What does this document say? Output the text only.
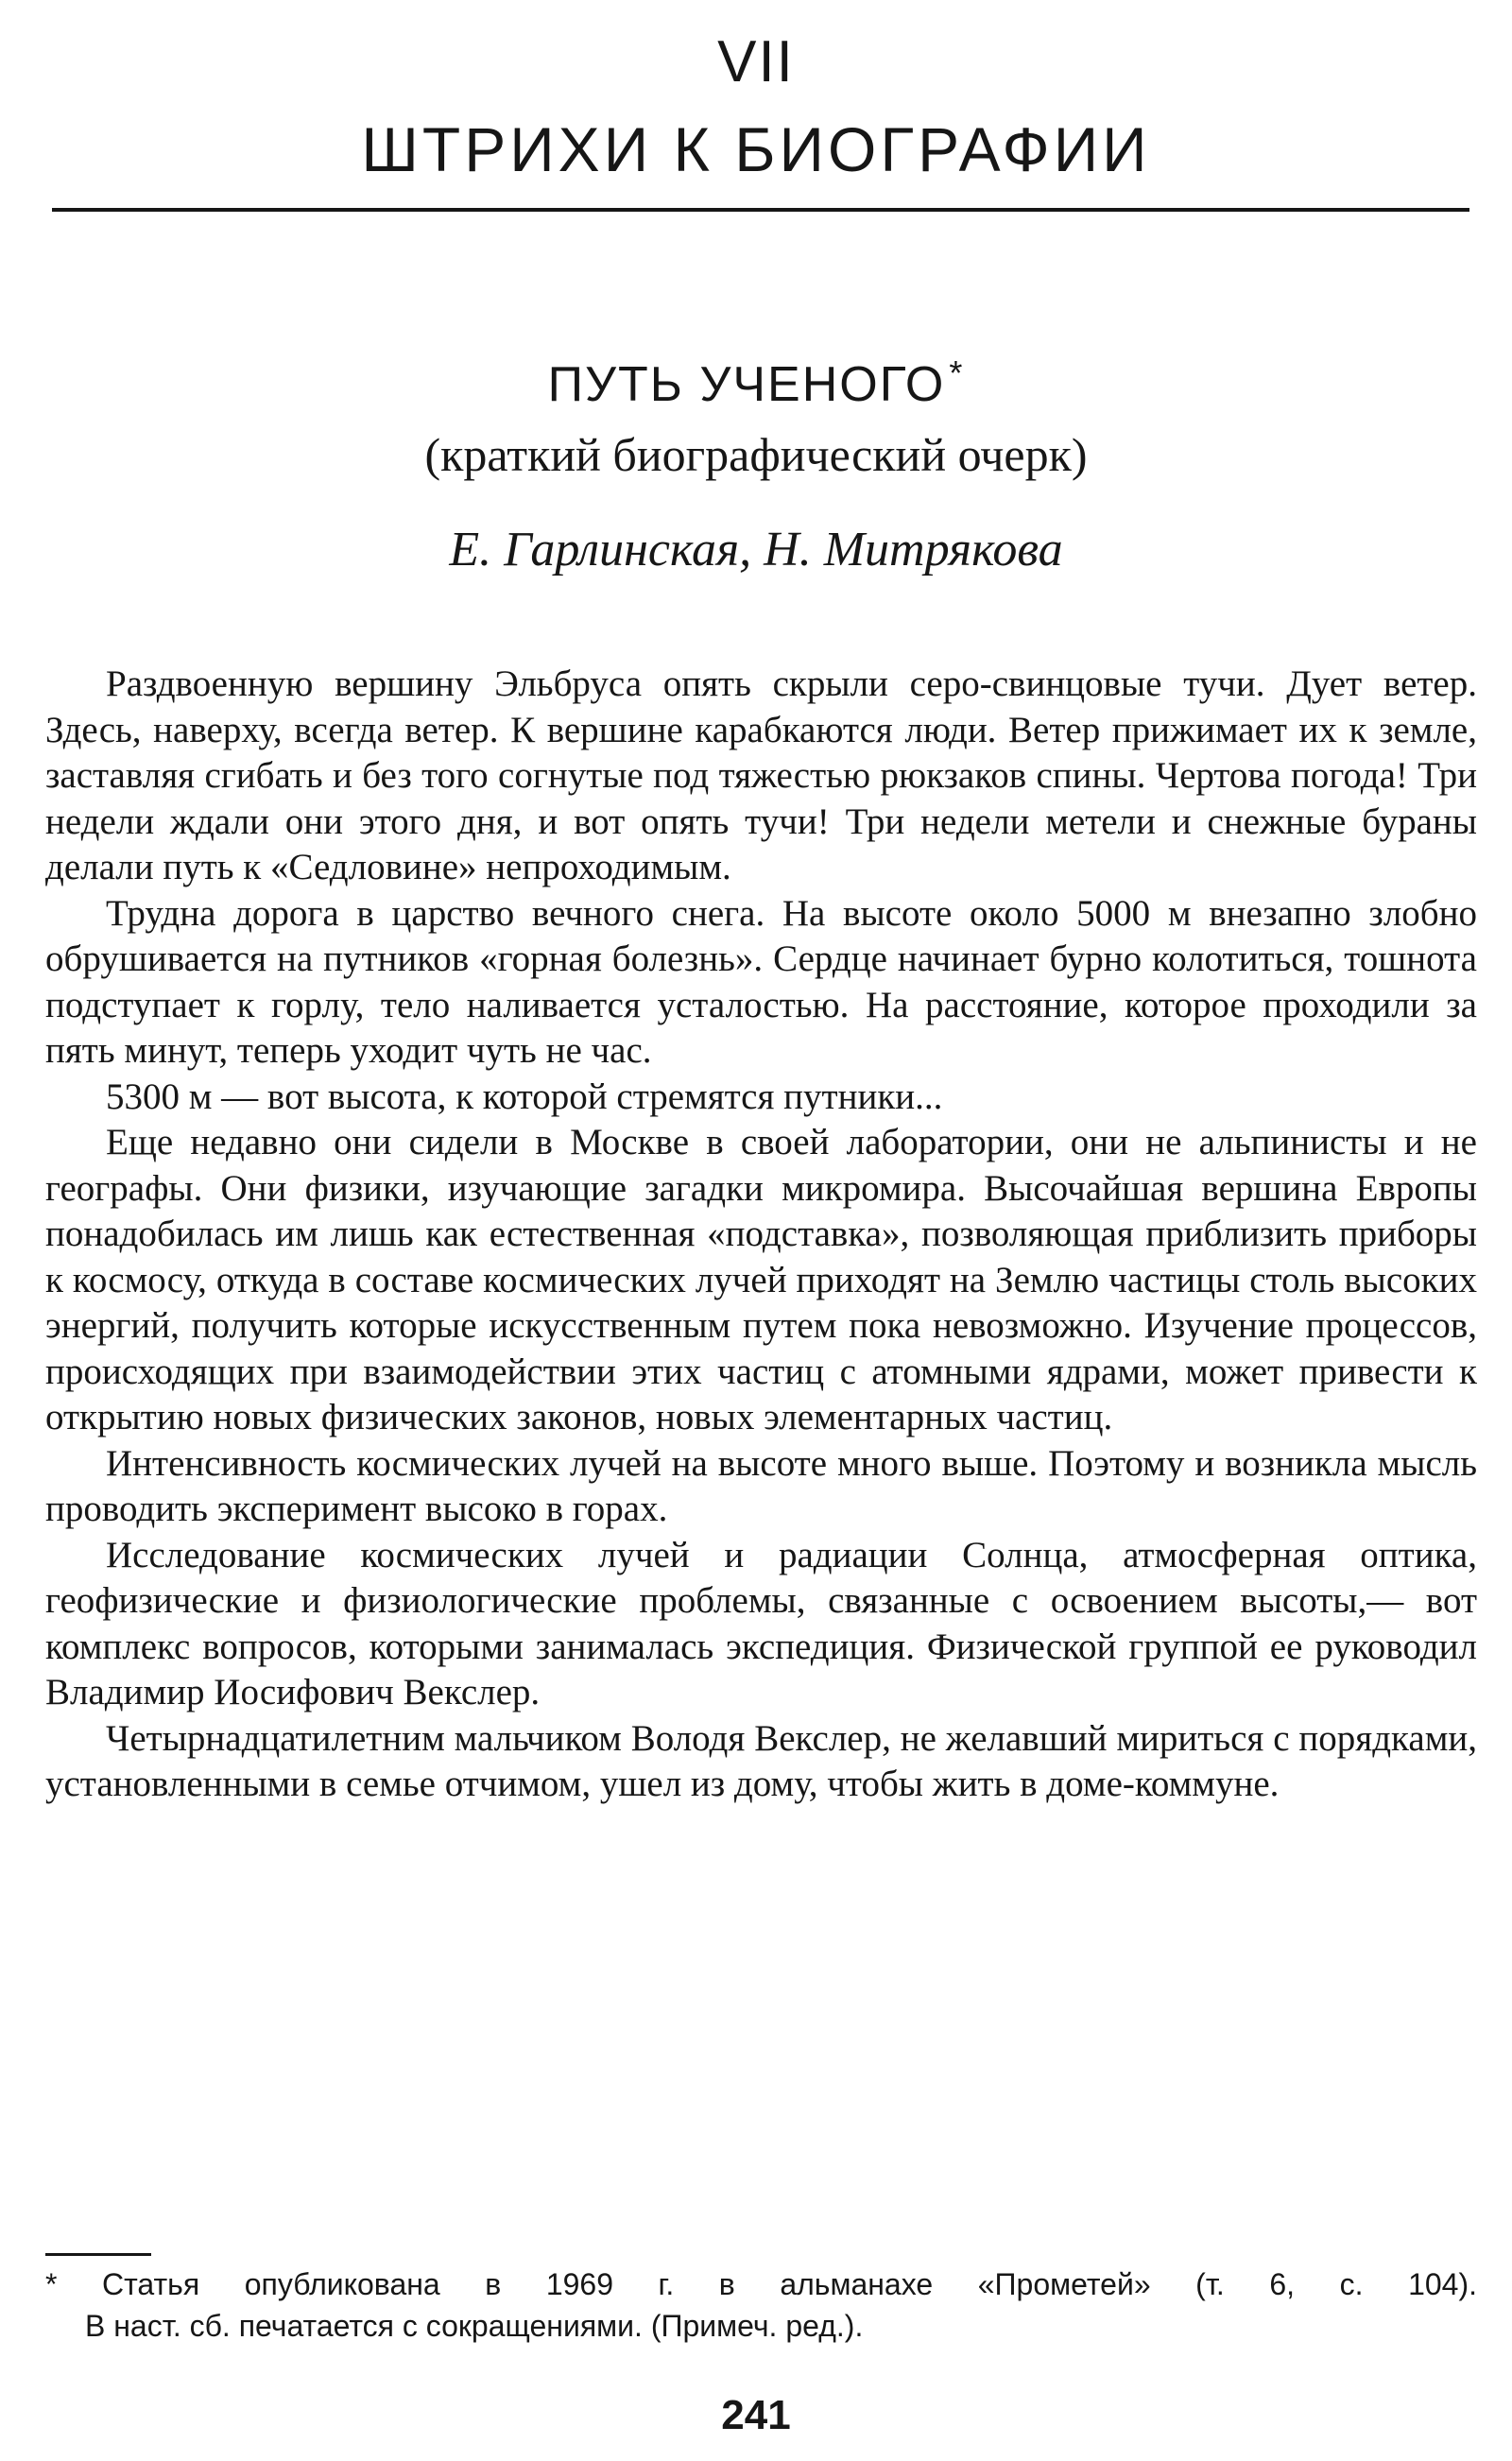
VII
ШТРИХИ К БИОГРАФИИ
ПУТЬ УЧЕНОГО *
(краткий биографический очерк)
Е. Гарлинская, Н. Митрякова

Раздвоенную вершину Эльбруса опять скрыли серо-свинцовые тучи. Дует ветер. Здесь, наверху, всегда ветер. К вершине карабкаются люди. Ветер прижимает их к земле, заставляя сгибать и без того согнутые под тяжестью рюкзаков спины. Чертова погода! Три недели ждали они этого дня, и вот опять тучи! Три недели метели и снежные бураны делали путь к «Седловине» непроходимым.

Трудна дорога в царство вечного снега. На высоте около 5000 м внезапно злобно обрушивается на путников «горная болезнь». Сердце начинает бурно колотиться, тошнота подступает к горлу, тело наливается усталостью. На расстояние, которое проходили за пять минут, теперь уходит чуть не час.

5300 м — вот высота, к которой стремятся путники...

Еще недавно они сидели в Москве в своей лаборатории, они не альпинисты и не географы. Они физики, изучающие загадки микромира. Высочайшая вершина Европы понадобилась им лишь как естественная «подставка», позволяющая приблизить приборы к космосу, откуда в составе космических лучей приходят на Землю частицы столь высоких энергий, получить которые искусственным путем пока невозможно. Изучение процессов, происходящих при взаимодействии этих частиц с атомными ядрами, может привести к открытию новых физических законов, новых элементарных частиц.

Интенсивность космических лучей на высоте много выше. Поэтому и возникла мысль проводить эксперимент высоко в горах.

Исследование космических лучей и радиации Солнца, атмосферная оптика, геофизические и физиологические проблемы, связанные с освоением высоты,— вот комплекс вопросов, которыми занималась экспедиция. Физической группой ее руководил Владимир Иосифович Векслер.

Четырнадцатилетним мальчиком Володя Векслер, не желавший мириться с порядками, установленными в семье отчимом, ушел из дому, чтобы жить в доме-коммуне.

* Статья опубликована в 1969 г. в альманахе «Прометей» (т. 6, с. 104).
В наст. сб. печатается с сокращениями. (Примеч. ред.).
241
